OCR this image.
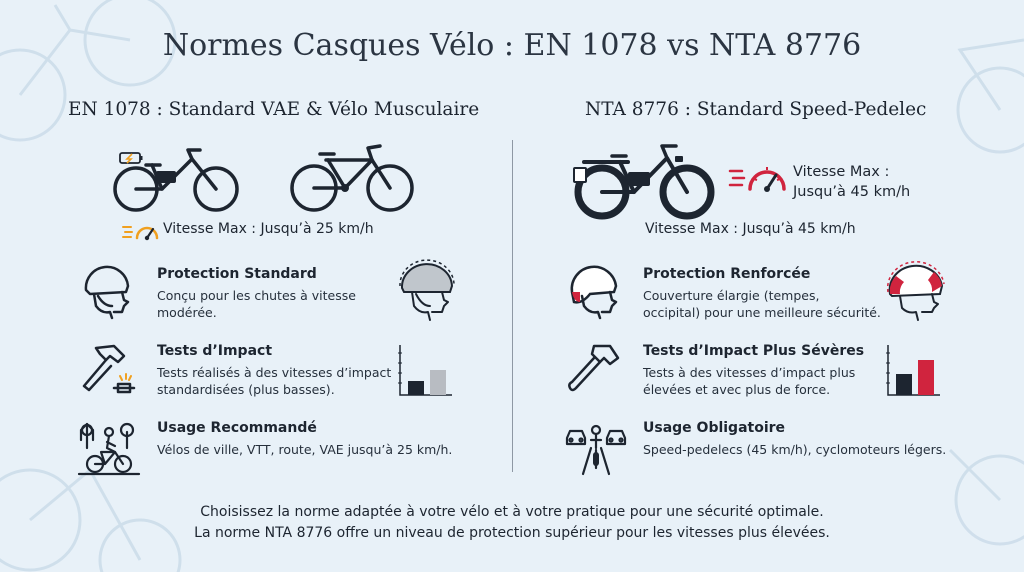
Normes Casques Vélo : EN 1078 vs NTA 8776
EN 1078 : Standard VAE & Vélo Musculaire	NTA 8776 : Standard Speed-Pedelec
Vitesse Max : Jusqu’à 25 km/h
Vitesse Max :
Jusqu’à 45 km/h
Vitesse Max : Jusqu’à 45 km/h
Protection Standard
Conçu pour les chutes à vitesse
modérée.
Tests d’Impact
Tests réalisés à des vitesses d’impact
standardisées (plus basses).
Usage Recommandé
Vélos de ville, VTT, route, VAE jusqu’à 25 km/h.
Protection Renforcée
Couverture élargie (tempes,
occipital) pour une meilleure sécurité.
Tests d’Impact Plus Sévères
Tests à des vitesses d’impact plus
élevées et avec plus de force.
Usage Obligatoire
Speed-pedelecs (45 km/h), cyclomoteurs légers.
Choisissez la norme adaptée à votre vélo et à votre pratique pour une sécurité optimale.
La norme NTA 8776 offre un niveau de protection supérieur pour les vitesses plus élevées.
